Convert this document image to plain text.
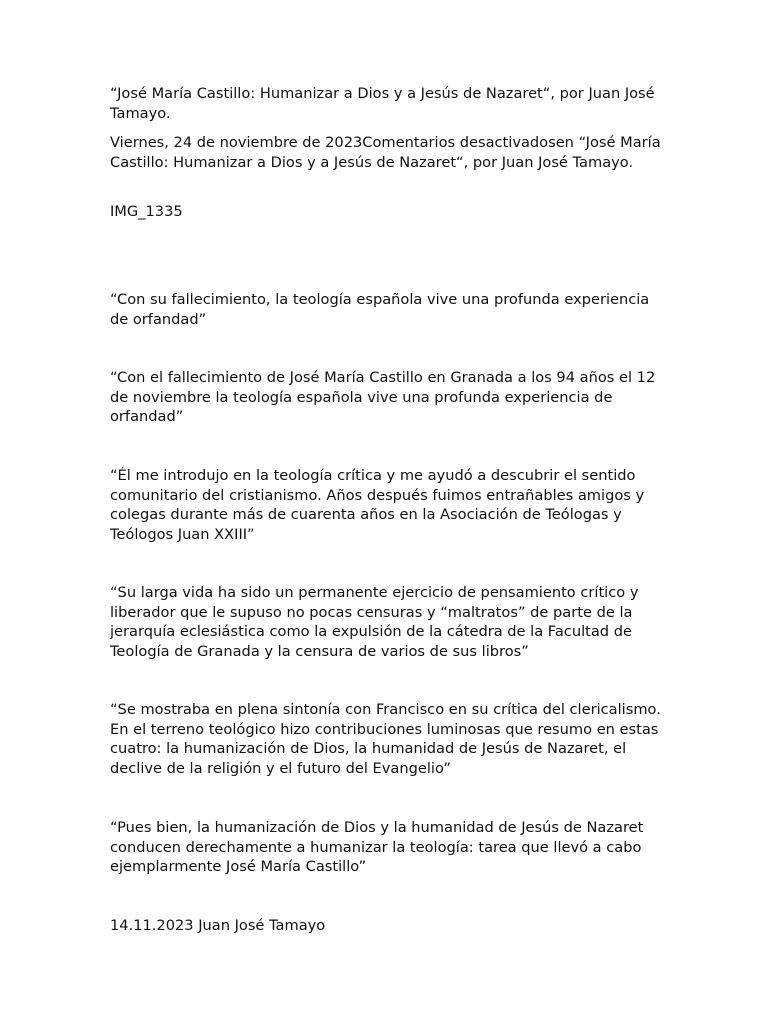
“José María Castillo: Humanizar a Dios y a Jesús de Nazaret“, por Juan José Tamayo.

Viernes, 24 de noviembre de 2023Comentarios desactivadosen “José María Castillo: Humanizar a Dios y a Jesús de Nazaret“, por Juan José Tamayo.

IMG_1335

“Con su fallecimiento, la teología española vive una profunda experiencia de orfandad”

“Con el fallecimiento de José María Castillo en Granada a los 94 años el 12 de noviembre la teología española vive una profunda experiencia de orfandad”

“Él me introdujo en la teología crítica y me ayudó a descubrir el sentido comunitario del cristianismo. Años después fuimos entrañables amigos y colegas durante más de cuarenta años en la Asociación de Teólogas y Teólogos Juan XXIII”

“Su larga vida ha sido un permanente ejercicio de pensamiento crítico y liberador que le supuso no pocas censuras y “maltratos” de parte de la jerarquía eclesiástica como la expulsión de la cátedra de la Facultad de Teología de Granada y la censura de varios de sus libros”

“Se mostraba en plena sintonía con Francisco en su crítica del clericalismo. En el terreno teológico hizo contribuciones luminosas que resumo en estas cuatro: la humanización de Dios, la humanidad de Jesús de Nazaret, el declive de la religión y el futuro del Evangelio”

“Pues bien, la humanización de Dios y la humanidad de Jesús de Nazaret conducen derechamente a humanizar la teología: tarea que llevó a cabo ejemplarmente José María Castillo”

14.11.2023 Juan José Tamayo
